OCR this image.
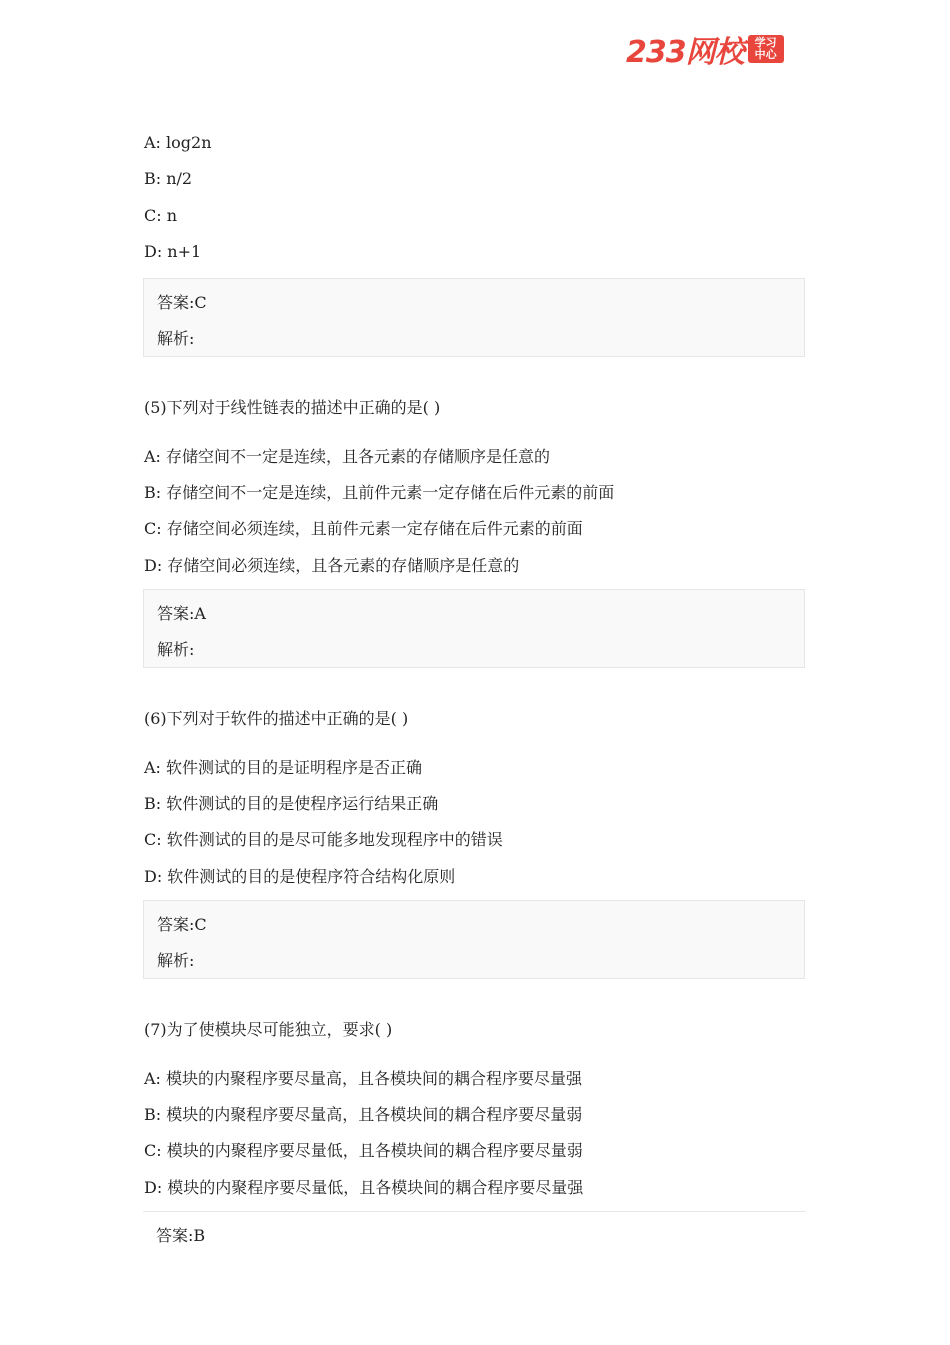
233网校 学习
中心
A: log2n
B: n/2
C: n
D: n+1
答案:C
解析:
(5)下列对于线性链表的描述中正确的是( )
A: 存储空间不一定是连续，且各元素的存储顺序是任意的
B: 存储空间不一定是连续，且前件元素一定存储在后件元素的前面
C: 存储空间必须连续，且前件元素一定存储在后件元素的前面
D: 存储空间必须连续，且各元素的存储顺序是任意的
答案:A
解析:
(6)下列对于软件的描述中正确的是( )
A: 软件测试的目的是证明程序是否正确
B: 软件测试的目的是使程序运行结果正确
C: 软件测试的目的是尽可能多地发现程序中的错误
D: 软件测试的目的是使程序符合结构化原则
答案:C
解析:
(7)为了使模块尽可能独立，要求( )
A: 模块的内聚程序要尽量高，且各模块间的耦合程序要尽量强
B: 模块的内聚程序要尽量高，且各模块间的耦合程序要尽量弱
C: 模块的内聚程序要尽量低，且各模块间的耦合程序要尽量弱
D: 模块的内聚程序要尽量低，且各模块间的耦合程序要尽量强
答案:B
